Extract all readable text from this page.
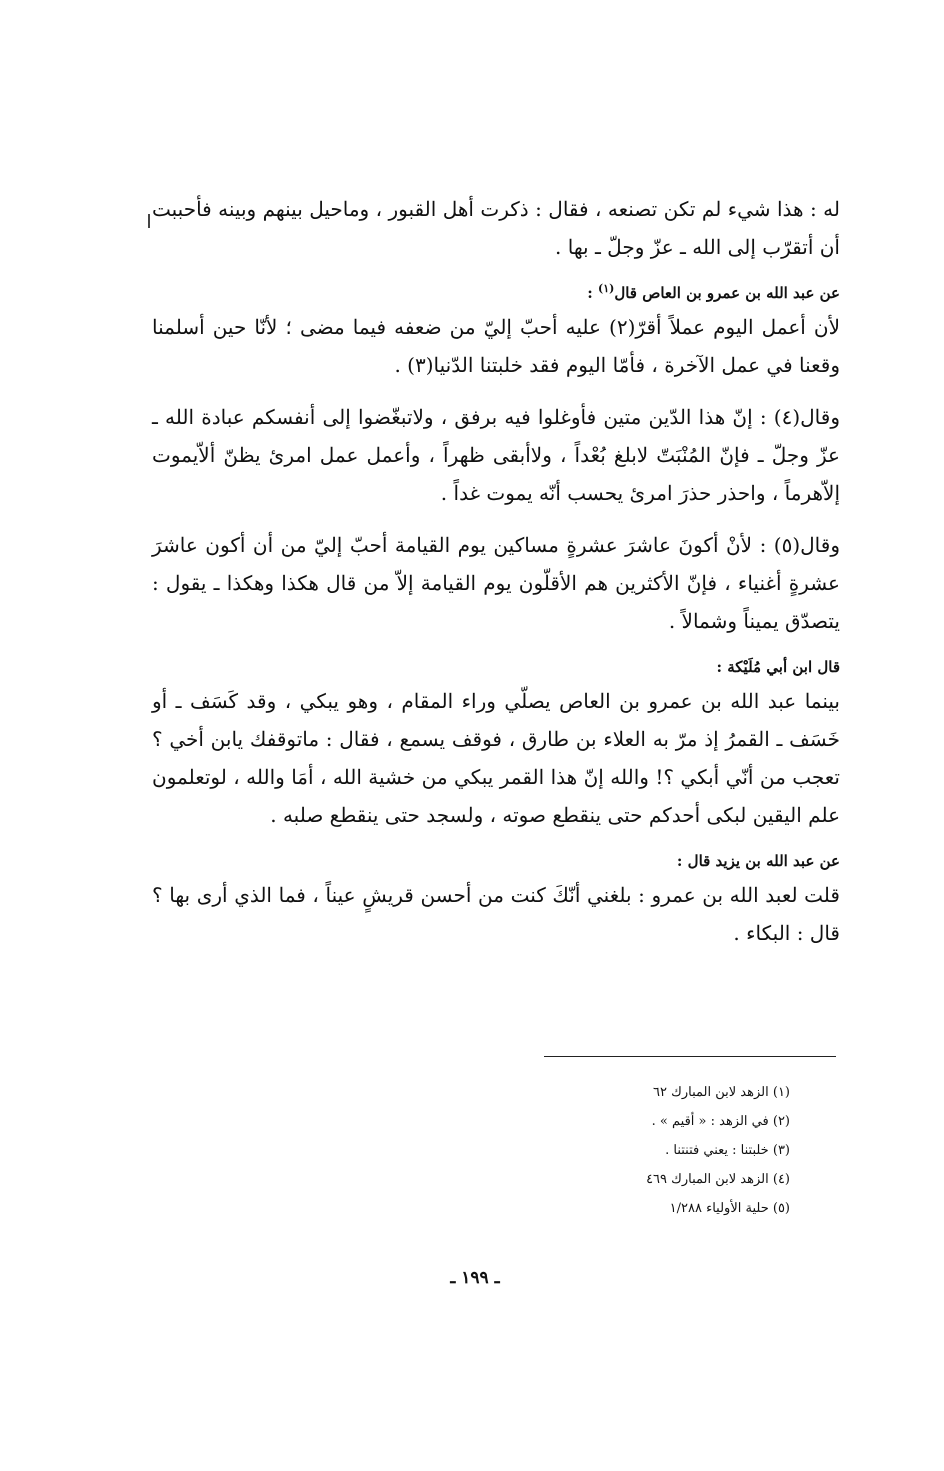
له : هذا شيء لم تكن تصنعه ، فقال : ذكرت أهل القبور ، وماحيل بينهم وبينه فأحببت أن أتقرّب إلى الله ـ عزّ وجلّ ـ بها .

عن عبد الله بن عمرو بن العاص قال$^{(١)}$ :

لأن أعمل اليوم عملاً أقرّ(٢) عليه أحبّ إليّ من ضعفه فيما مضى ؛ لأنّا حين أسلمنا وقعنا في عمل الآخرة ، فأمّا اليوم فقد خلبتنا الدّنيا(٣) .

وقال(٤) : إنّ هذا الدّين متين فأوغلوا فيه برفق ، ولاتبغّضوا إلى أنفسكم عبادة الله ـ عزّ وجلّ ـ فإنّ المُنْبَتّ لابلغ بُعْداً ، ولاأبقى ظهراً ، وأعمل عمل امرئ يظنّ ألاّيموت إلاّهرماً ، واحذر حذرَ امرئ يحسب أنّه يموت غداً .

وقال(٥) : لأنْ أكونَ عاشرَ عشرةٍ مساكين يوم القيامة أحبّ إليّ من أن أكون عاشرَ عشرةٍ أغنياء ، فإنّ الأكثرين هم الأقلّون يوم القيامة إلاّ من قال هكذا وهكذا ـ يقول : يتصدّق يميناً وشمالاً .

قال ابن أبي مُلَيْكة :

بينما عبد الله بن عمرو بن العاص يصلّي وراء المقام ، وهو يبكي ، وقد كَسَف ـ أو خَسَف ـ القمرُ إذ مرّ به العلاء بن طارق ، فوقف يسمع ، فقال : ماتوقفك يابن أخي ؟ تعجب من أنّي أبكي ؟! والله إنّ هذا القمر يبكي من خشية الله ، أمَا والله ، لوتعلمون علم اليقين لبكى أحدكم حتى ينقطع صوته ، ولسجد حتى ينقطع صلبه .

عن عبد الله بن يزيد قال :

قلت لعبد الله بن عمرو : بلغني أنّكَ كنت من أحسن قريشٍ عيناً ، فما الذي أرى بها ؟ قال : البكاء .

(١) الزهد لابن المبارك ٦٢
(٢) في الزهد : « أقيم » .
(٣) خلبتنا : يعني فتنتنا .
(٤) الزهد لابن المبارك ٤٦٩
(٥) حلية الأولياء ١/٢٨٨
ـ ١٩٩ ـ
